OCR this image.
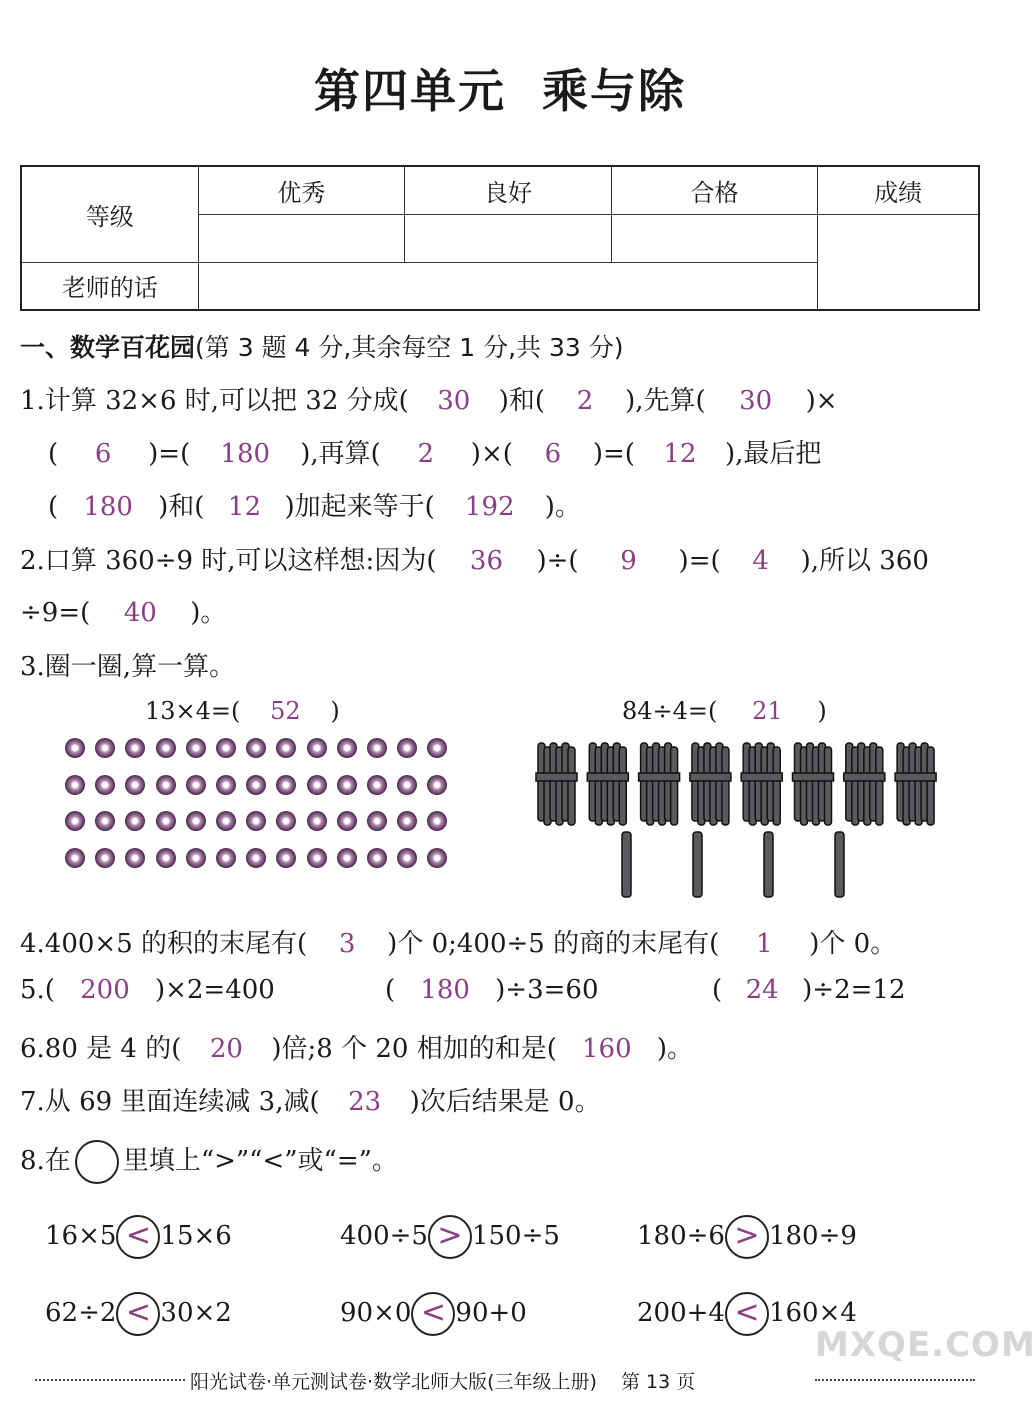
第四单元 乘与除
等级	优秀	良好	合格	成绩

老师的话				
一、数学百花园(第 3 题 4 分,其余每空 1 分,共 33 分)
1.计算 32×6 时,可以把 32 分成( 30 )和( 2 ),先算( 30 )×
( 6 )=( 180 ),再算( 2 )×( 6 )=( 12 ),最后把
( 180 )和( 12 )加起来等于( 192 )。
2.口算 360÷9 时,可以这样想:因为( 36 )÷( 9 )=( 4 ),所以 360
÷9=( 40 )。
3.圈一圈,算一算。
13×4=( 52 )	84÷4=( 21 )
4.400×5 的积的末尾有( 3 )个 0;400÷5 的商的末尾有( 1 )个 0。
5.( 200 )×2=400	( 180 )÷3=60	( 24 )÷2=12
6.80 是 4 的( 20 )倍;8 个 20 相加的和是( 160 )。
7.从 69 里面连续减 3,减( 23 )次后结果是 0。
8.在 里填上“>”“<”或“=”。
16×5 < 15×6	400÷5 > 150÷5	180÷6 > 180÷9
62÷2 < 30×2	90×0 < 90+0	200+4 < 160×4
MXQE.COM
阳光试卷·单元测试卷·数学北师大版(三年级上册) 第 13 页
